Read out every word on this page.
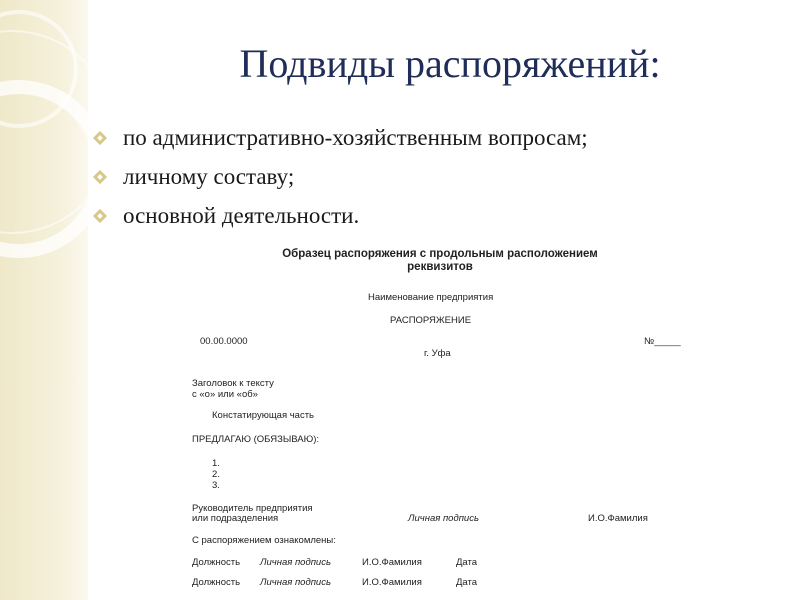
Подвиды распоряжений:
по административно-хозяйственным вопросам;
личному составу;
основной деятельности.
Образец распоряжения с продольным расположением
реквизитов
Наименование предприятия
РАСПОРЯЖЕНИЕ
00.00.0000	№_____
г. Уфа
Заголовок к тексту
с «о» или «об»
Констатирующая часть
ПРЕДЛАГАЮ (ОБЯЗЫВАЮ):
1.
2.
3.
Руководитель предприятия
или подразделения	Личная подпись	И.О.Фамилия
С распоряжением ознакомлены:
Должность Личная подпись	И.О.Фамилия	Дата
Должность Личная подпись	И.О.Фамилия	Дата
